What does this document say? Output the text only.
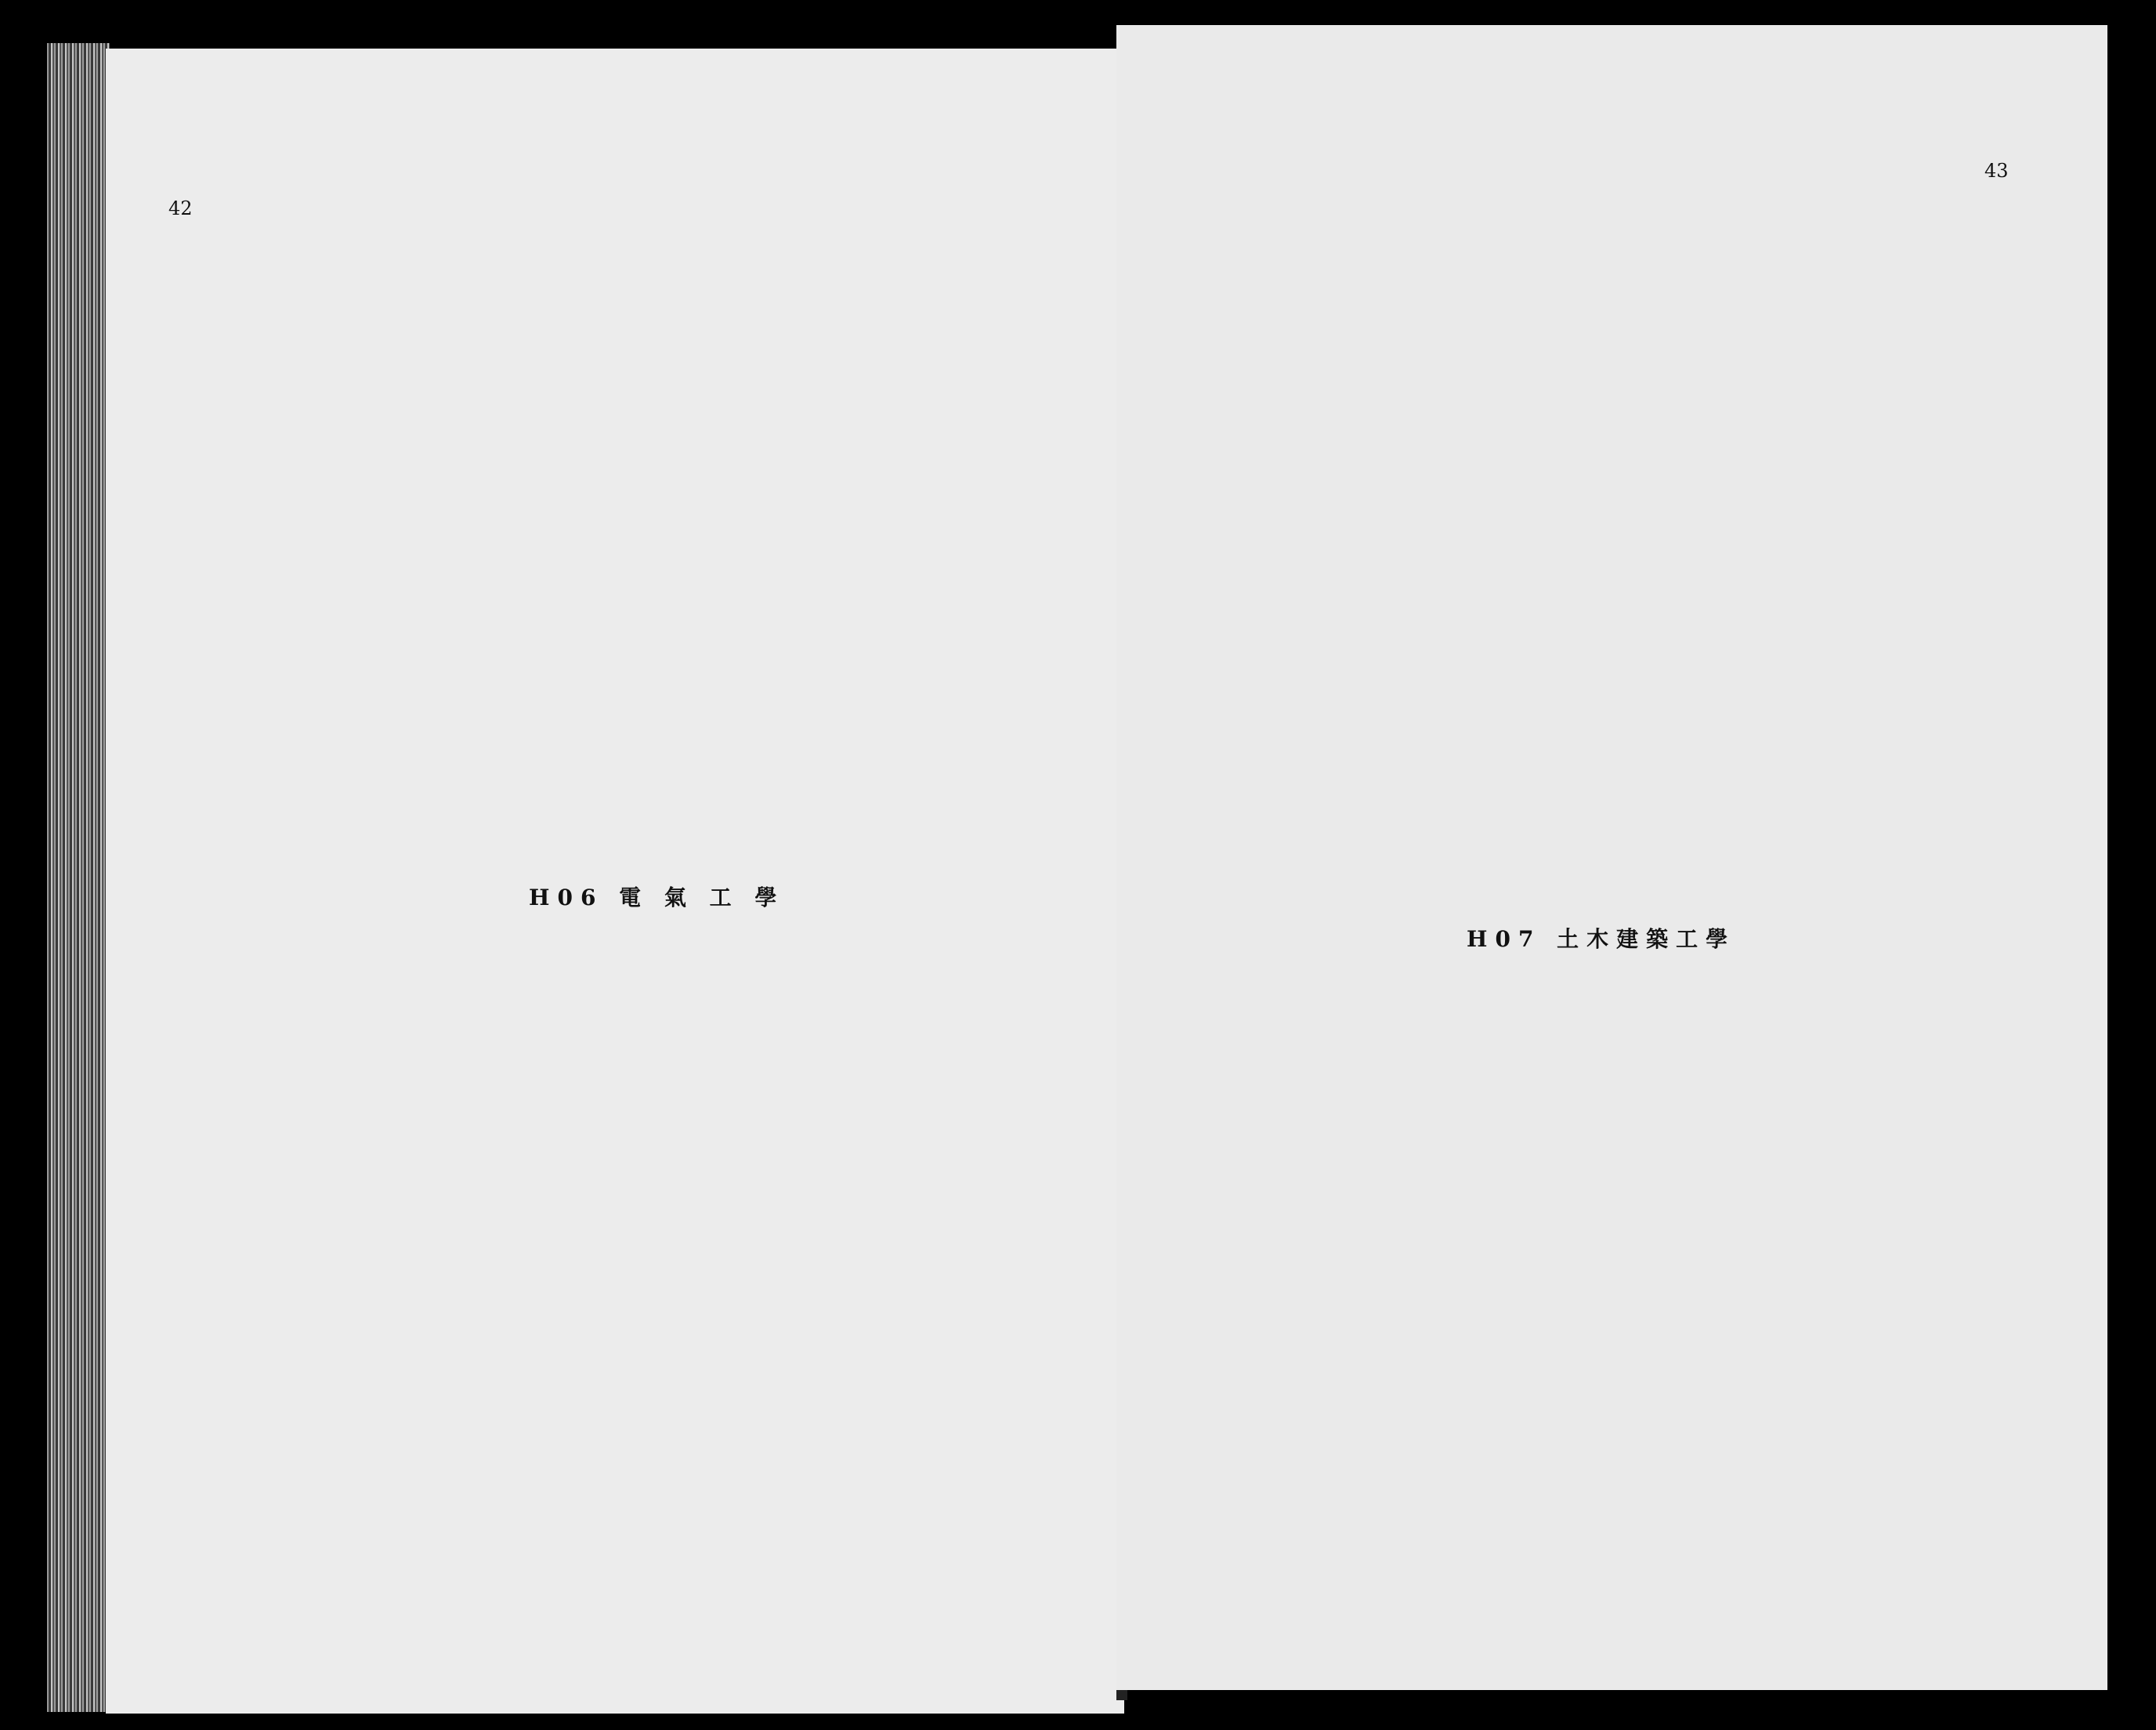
42
H06 電 氣 工 學
43
H07 土木建築工學
